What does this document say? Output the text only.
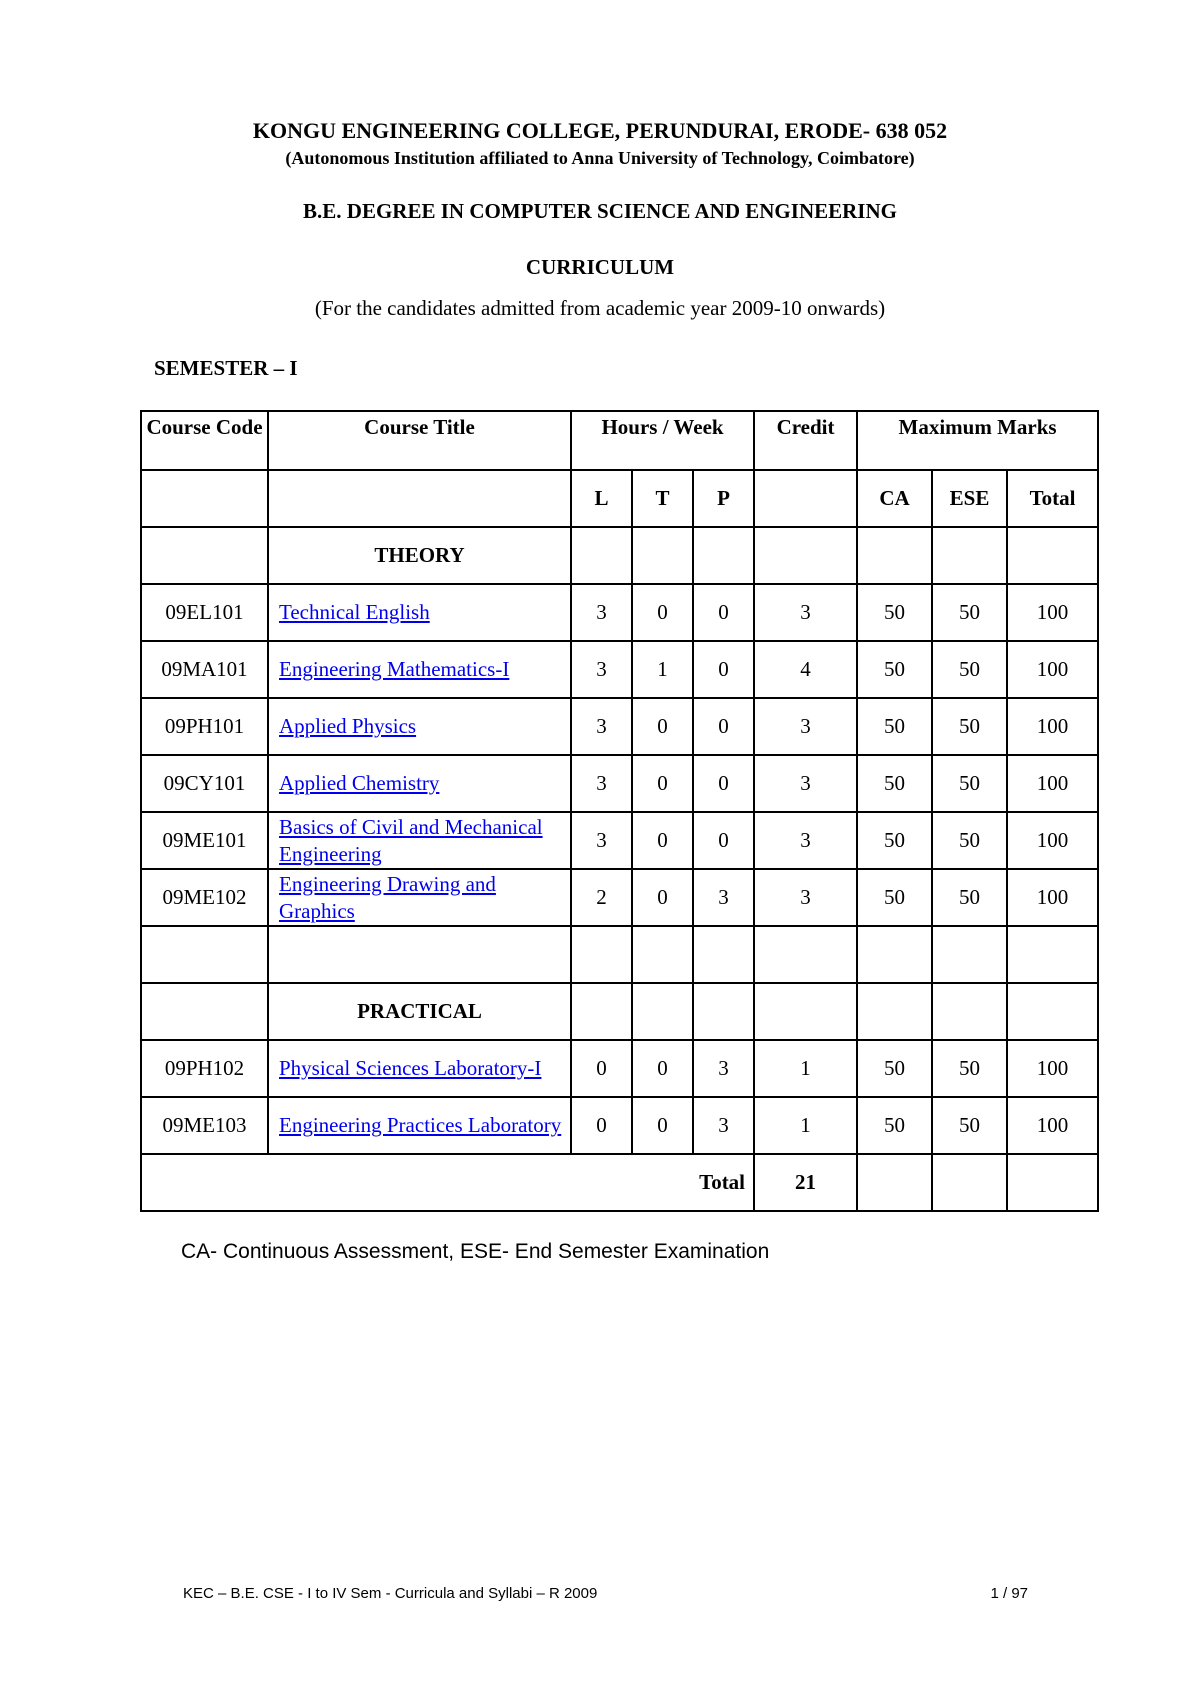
KONGU ENGINEERING COLLEGE, PERUNDURAI, ERODE- 638 052
(Autonomous Institution affiliated to Anna University of Technology, Coimbatore)
B.E. DEGREE IN COMPUTER SCIENCE AND ENGINEERING
CURRICULUM
(For the candidates admitted from academic year 2009-10 onwards)
SEMESTER – I
Course Code	Course Title	Hours / Week			Credit	Maximum Marks		
		L	T	P		CA	ESE	Total
	THEORY							
09EL101	Technical English	3	0	0	3	50	50	100
09MA101	Engineering Mathematics-I	3	1	0	4	50	50	100
09PH101	Applied Physics	3	0	0	3	50	50	100
09CY101	Applied Chemistry	3	0	0	3	50	50	100
09ME101	Basics of Civil and Mechanical Engineering	3	0	0	3	50	50	100
09ME102	Engineering Drawing and Graphics	2	0	3	3	50	50	100

	PRACTICAL							
09PH102	Physical Sciences Laboratory-I	0	0	3	1	50	50	100
09ME103	Engineering Practices Laboratory	0	0	3	1	50	50	100
Total					21			
CA- Continuous Assessment, ESE- End Semester Examination
KEC – B.E. CSE - I to IV Sem - Curricula and Syllabi – R 2009	1 / 97
